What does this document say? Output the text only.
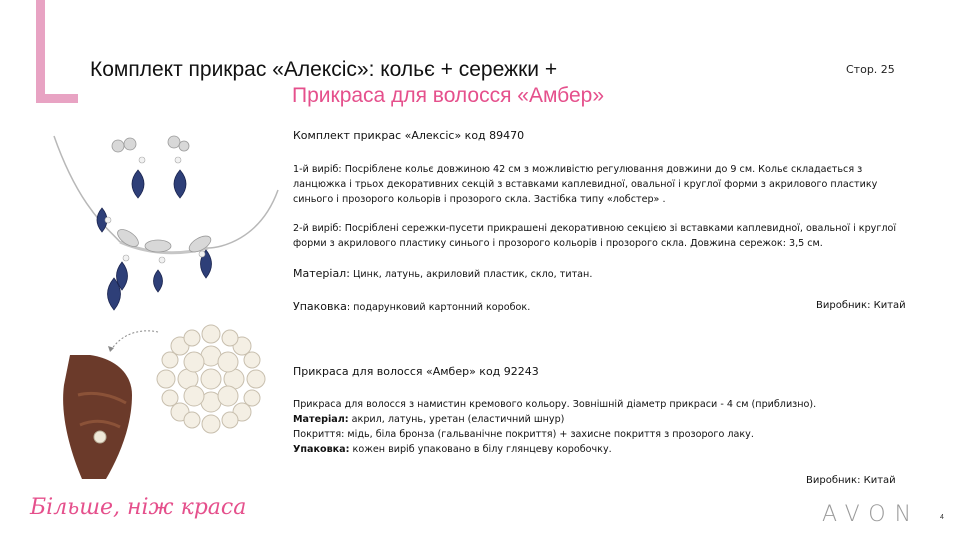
Комплект прикрас «Алексіс»: кольє + сережки +
Прикраса для волосся «Амбер»
Стор. 25
Комплект прикрас «Алексіс» код 89470
1-й виріб: Посріблене кольє довжиною 42 см з можливістю регулювання довжини до 9 см. Кольє складається з ланцюжка і трьох декоративних секцій з вставками каплевидної, овальної і круглої форми з акрилового пластику синього і прозорого кольорів і прозорого скла. Застібка типу «лобстер» .
2-й виріб: Посріблені сережки-пусети прикрашені декоративною секцією зі вставками каплевидної, овальної і круглої форми з акрилового пластику синього і прозорого кольорів і прозорого скла. Довжина сережок: 3,5 см.
Матеріал: Цинк, латунь, акриловий пластик, скло, титан.
Упаковка: подарунковий картонний коробок.	Виробник: Китай
Прикраса для волосся «Амбер» код 92243
Прикраса для волосся з намистин кремового кольору. Зовнішній діаметр прикраси - 4 см (приблизно).
Матеріал: акрил, латунь, уретан (еластичний шнур)
Покриття: мідь, біла бронза (гальванічне покриття) + захисне покриття з прозорого лаку.
Упаковка: кожен виріб упаковано в білу глянцеву коробочку.
Виробник: Китай
Більше, ніж краса	AVON	4
